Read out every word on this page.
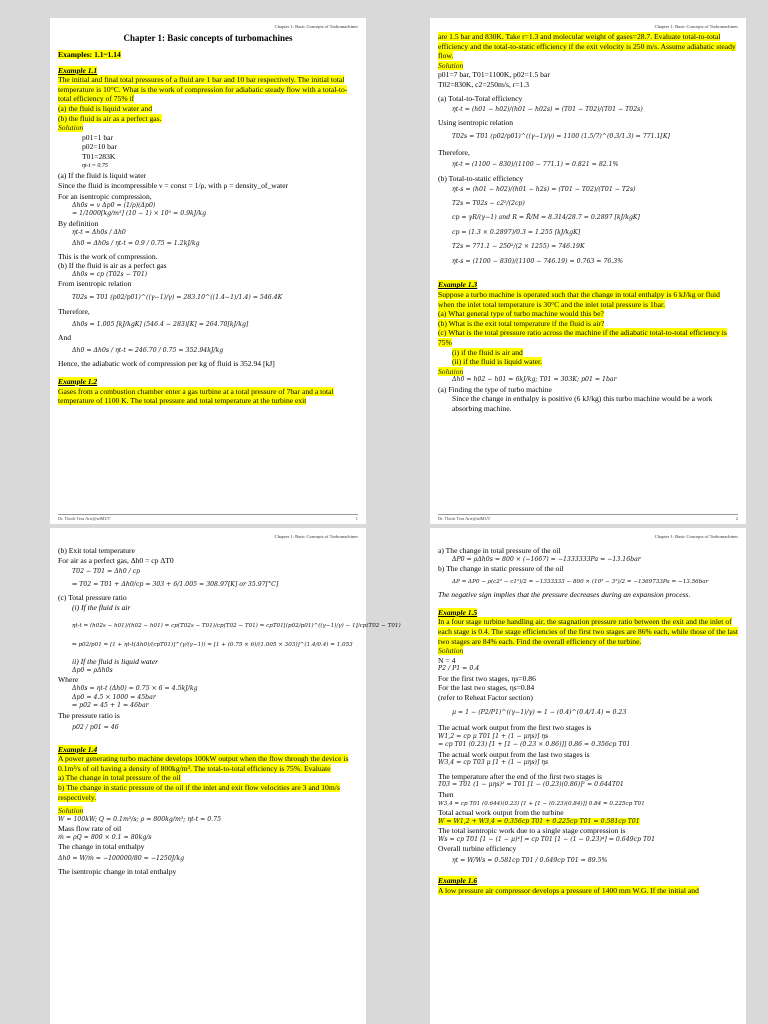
Chapter 1: Basic Concepts of Turbomachines
Chapter 1: Basic concepts of turbomachines

Examples: 1.1~1.14

Example 1.1

The initial and final total pressures of a fluid are 1 bar and 10 bar respectively. The initial total temperature is 10°C. What is the work of compression for adiabatic steady flow with a total-to-total efficiency of 75% if

(a) the fluid is liquid water and

(b) the fluid is air as a perfect gas.

Solution

p01=1 bar
p02=10 bar
T01=283K
ηt-t = 0.75

(a) If the fluid is liquid water

Since the fluid is incompressible ν = const = 1/ρ, with ρ = density_of_water

For an isentropic compression,

Δh0s = v Δp0 = (1/ρ)(Δp0)
= 1/1000[kg/m³] (10 − 1) × 10⁵ = 0.9kJ/kg

By definition

ηt-t = Δh0s / Δh0
Δh0 = Δh0s / ηt-t = 0.9 / 0.75 = 1.2kJ/kg

This is the work of compression.

(b) If the fluid is air as a perfect gas

Δh0s = cp (T02s − T01)

From isentropic relation

T02s = T01 (p02/p01)^((γ−1)/γ) = 283.10^((1.4−1)/1.4) = 546.4K

Therefore,

Δh0s = 1.005 [kJ/kgK] (546.4 − 283)[K] = 264.70[kJ/kg]

And

Δh0 = Δh0s / ηt-t = 246.70 / 0.75 = 352.94kJ/kg

Hence, the adiabatic work of compression per kg of fluid is 352.94 [kJ]

Example 1.2

Gases from a combustion chamber enter a gas turbine at a total pressure of 7bar and a total temperature of 1100 K. The total pressure and total temperature at the turbine exit

Dr. Thiolr Tera Arrr@sdMUT	1
Chapter 1: Basic Concepts of Turbomachines

are 1.5 bar and 830K. Take r=1.3 and molecular weight of gases=28.7. Evaluate total-to-total efficiency and the total-to-static efficiency if the exit velocity is 250 m/s. Assume adiabatic steady flow.

Solution

p01=7 bar, T01=1100K, p02=1.5 bar

T02=830K, c2=250m/s, r=1.3

(a) Total-to-Total efficiency

ηt-t = (h01 − h02)/(h01 − h02s) = (T01 − T02)/(T01 − T02s)

Using isentropic relation

T02s = T01 (p02/p01)^((γ−1)/γ) = 1100 (1.5/7)^(0.3/1.3) = 771.1[K]

Therefore,

ηt-t = (1100 − 830)/(1100 − 771.1) = 0.821 = 82.1%

(b) Total-to-static efficiency

ηt-s = (h01 − h02)/(h01 − h2s) = (T01 − T02)/(T01 − T2s)
T2s = T02s − c2²/(2cp)
cp = γR/(γ−1) and R = R̄/M = 8.314/28.7 = 0.2897 [kJ/kgK]
cp = (1.3 × 0.2897)/0.3 = 1.255 [kJ/kgK]
T2s = 771.1 − 250²/(2 × 1255) = 746.19K
ηt-s = (1100 − 830)/(1100 − 746.19) = 0.763 = 76.3%

Example 1.3

Suppose a turbo machine is operated such that the change in total enthalpy is 6 kJ/kg or fluid when the inlet total temperature is 30°C and the inlet total pressure is 1bar.

(a) What general type of turbo machine would this be?

(b) What is the exit total temperature if the fluid is air?

(c) What is the total pressure ratio across the machine if the adiabatic total-to-total efficiency is 75%

(i) if the fluid is air and

(ii) if the fluid is liquid water.

Solution

Δh0 = h02 − h01 = 6kJ/kg; T01 = 303K; p01 = 1bar

(a) Finding the type of turbo machine

Since the change in enthalpy is positive (6 kJ/kg) this turbo machine would be a work absorbing machine.

Dr. Thiolr Tera Arrr@sdMUT	2
Chapter 1: Basic Concepts of Turbomachines

(b) Exit total temperature

For air as a perfect gas, Δh0 = cp ΔT0

T02 − T01 = Δh0 / cp
⇒ T02 = T01 + Δh0/cp = 303 + 6/1.005 = 308.97[K] or 35.97[°C]

(c) Total pressure ratio

(i) If the fluid is air

ηt-t = (h02s − h01)/(h02 − h01) = cp(T02s − T01)/cp(T02 − T01) = cpT01[(p02/p01)^((γ−1)/γ) − 1]/cp(T02 − T01)
⇒ p02/p01 = [1 + ηt-t(Δh0)/(cpT01)]^(γ/(γ−1)) = [1 + (0.75 × 6)/(1.005 × 303)]^(1.4/0.4) = 1.053

ii) If the fluid is liquid water

Δp0 = ρΔh0s

Where

Δh0s = ηt-t (Δh0) = 0.75 × 6 = 4.5kJ/kg
Δp0 = 4.5 × 1000 = 45bar
⇒ p02 = 45 + 1 = 46bar

The pressure ratio is

p02 / p01 = 46

Example 1.4

A power generating turbo machine develops 100kW output when the flow through the device is 0.1m³/s of oil having a density of 800kg/m³. The total-to-total efficiency is 75%. Evaluate

a) The change in total pressure of the oil

b) The change in static pressure of the oil if the inlet and exit flow velocities are 3 and 10m/s respectively.

Solution

W = 100kW; Q = 0.1m³/s; ρ = 800kg/m³; ηt-t = 0.75

Mass flow rate of oil

ṁ = ρQ = 800 × 0.1 = 80kg/s

The change in total enthalpy

Δh0 = W/ṁ = −100000/80 = −1250J/kg

The isentropic change in total enthalpy

Chapter 1: Basic Concepts of Turbomachines

a) The change in total pressure of the oil

ΔP0 = ρΔh0s = 800 × (−1667) = −1333333Pa = −13.16bar

b) The change in static pressure of the oil

ΔP = ΔP0 − ρ(c2² − c1²)/2 = −1333333 − 800 × (10² − 3²)/2 = −1369733Pa = −13.56bar

The negative sign implies that the pressure decreases during an expansion process.

Example 1.5

In a four stage turbine handling air, the stagnation pressure ratio between the exit and the inlet of each stage is 0.4. The stage efficiencies of the first two stages are 86% each, while those of the last two stages are 84% each. Find the overall efficiency of the turbine.

Solution

N = 4

P2 / P1 = 0.4

For the first two stages, ηs=0.86

For the last two stages, ηs=0.84

(refer to Reheat Factor section)

μ = 1 − (P2/P1)^((γ−1)/γ) = 1 − (0.4)^(0.4/1.4) = 0.23

The actual work output from the first two stages is

W1,2 = cp μ T01 [1 + (1 − μηs)] ηs
= cp T01 (0.23) [1 + [1 − (0.23 × 0.86)]] 0.86 = 0.356cp T01

The actual work output from the last two stages is

W3,4 = cp T03 μ [1 + (1 − μηs)] ηs

The temperature after the end of the first two stages is

T03 = T01 (1 − μηs)² = T01 [1 − (0.23)(0.86)]² = 0.644T01

Then

W3,4 = cp T01 (0.644)(0.23) [1 + [1 − (0.23)(0.84)]] 0.84 = 0.225cp T01

Total actual work output from the turbine

W = W1,2 + W3,4 = 0.356cp T01 + 0.225cp T01 = 0.581cp T01

The total isentropic work due to a single stage compression is

Ws = cp T01 [1 − (1 − μ)⁴] = cp T01 [1 − (1 − 0.23)⁴] = 0.649cp T01

Overall turbine efficiency

ηt = W/Ws = 0.581cp T01 / 0.649cp T01 = 89.5%

Example 1.6

A low pressure air compressor develops a pressure of 1400 mm W.G. If the initial and
